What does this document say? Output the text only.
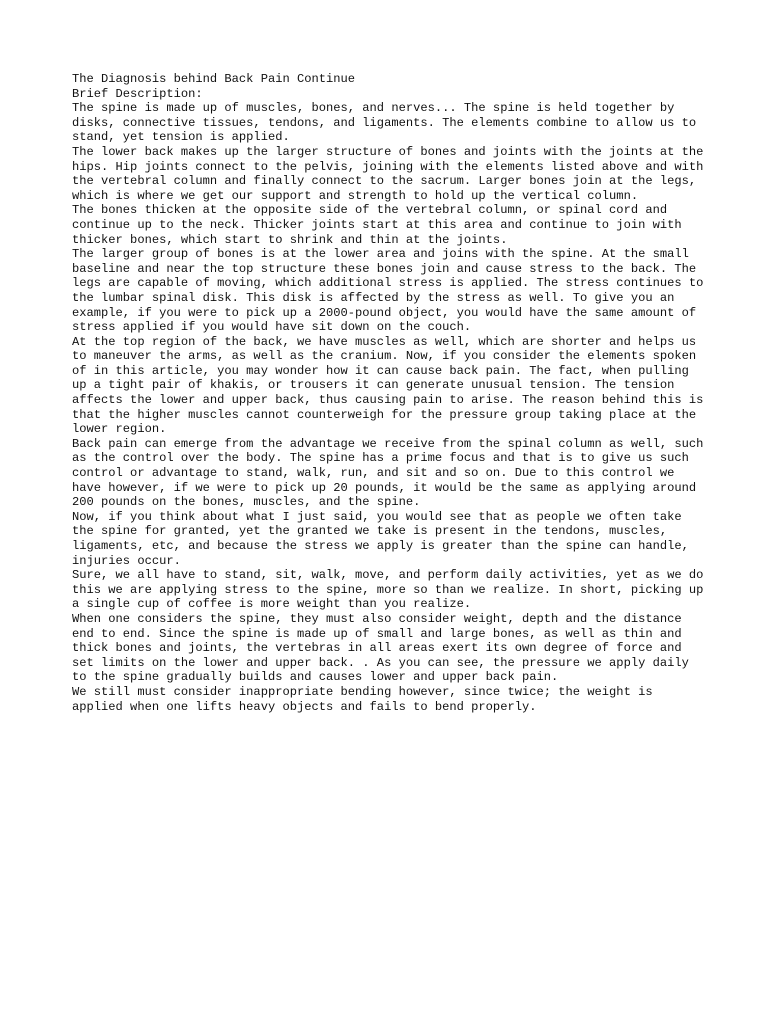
The Diagnosis behind Back Pain Continue

Brief Description:

The spine is made up of muscles, bones, and nerves... The spine is held together by disks, connective tissues, tendons, and ligaments. The elements combine to allow us to stand, yet tension is applied.

The lower back makes up the larger structure of bones and joints with the joints at the hips. Hip joints connect to the pelvis, joining with the elements listed above and with the vertebral column and finally connect to the sacrum. Larger bones join at the legs, which is where we get our support and strength to hold up the vertical column.

The bones thicken at the opposite side of the vertebral column, or spinal cord and continue up to the neck. Thicker joints start at this area and continue to join with thicker bones, which start to shrink and thin at the joints.

The larger group of bones is at the lower area and joins with the spine. At the small baseline and near the top structure these bones join and cause stress to the back. The legs are capable of moving, which additional stress is applied. The stress continues to the lumbar spinal disk. This disk is affected by the stress as well. To give you an example, if you were to pick up a 2000-pound object, you would have the same amount of stress applied if you would have sit down on the couch.

At the top region of the back, we have muscles as well, which are shorter and helps us to maneuver the arms, as well as the cranium. Now, if you consider the elements spoken of in this article, you may wonder how it can cause back pain. The fact, when pulling up a tight pair of khakis, or trousers it can generate unusual tension. The tension affects the lower and upper back, thus causing pain to arise. The reason behind this is that the higher muscles cannot counterweigh for the pressure group taking place at the lower region.

Back pain can emerge from the advantage we receive from the spinal column as well, such as the control over the body. The spine has a prime focus and that is to give us such control or advantage to stand, walk, run, and sit and so on. Due to this control we have however, if we were to pick up 20 pounds, it would be the same as applying around 200 pounds on the bones, muscles, and the spine.

Now, if you think about what I just said, you would see that as people we often take the spine for granted, yet the granted we take is present in the tendons, muscles, ligaments, etc, and because the stress we apply is greater than the spine can handle, injuries occur.

Sure, we all have to stand, sit, walk, move, and perform daily activities, yet as we do this we are applying stress to the spine, more so than we realize. In short, picking up a single cup of coffee is more weight than you realize.

When one considers the spine, they must also consider weight, depth and the distance end to end. Since the spine is made up of small and large bones, as well as thin and thick bones and joints, the vertebras in all areas exert its own degree of force and set limits on the lower and upper back. . As you can see, the pressure we apply daily to the spine gradually builds and causes lower and upper back pain.

We still must consider inappropriate bending however, since twice; the weight is applied when one lifts heavy objects and fails to bend properly.
